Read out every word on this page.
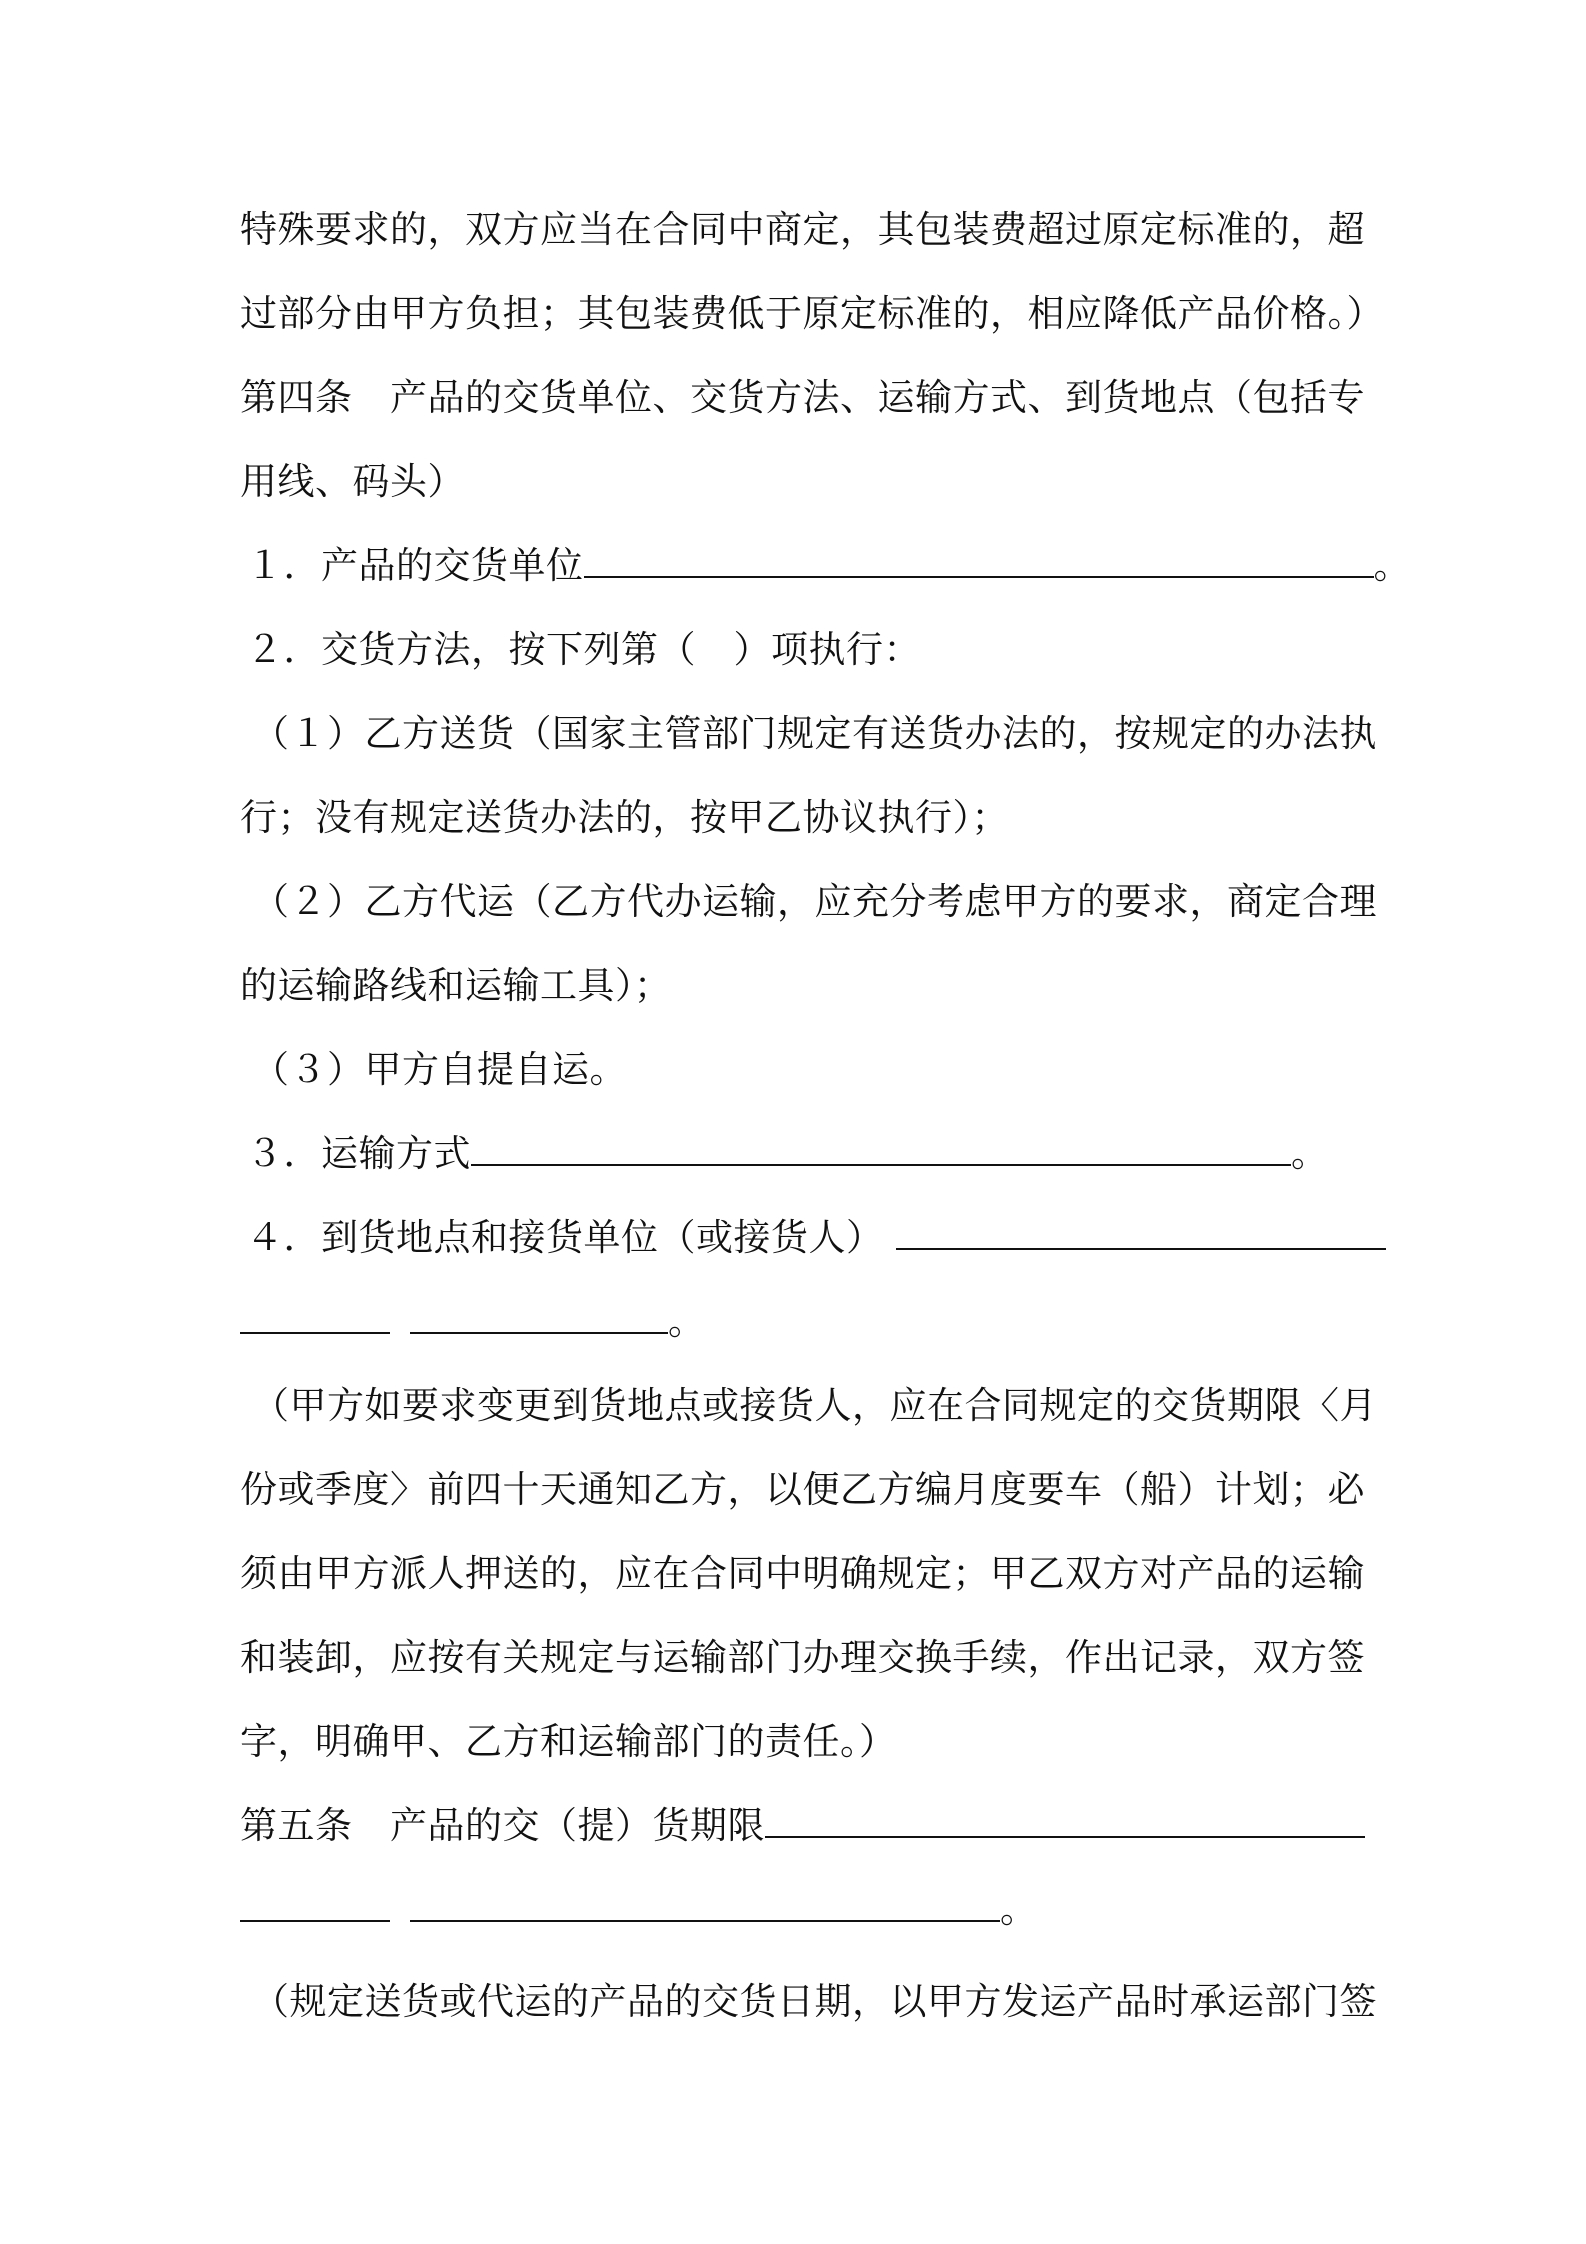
特殊要求的，双方应当在合同中商定，其包装费超过原定标准的，超
过部分由甲方负担；其包装费低于原定标准的，相应降低产品价格。）
第四条　产品的交货单位、交货方法、运输方式、到货地点（包括专
用线、码头）
１．产品的交货单位	。
２．交货方法，按下列第（　）项执行：
（１）乙方送货（国家主管部门规定有送货办法的，按规定的办法执
行；没有规定送货办法的，按甲乙协议执行）；
（２）乙方代运（乙方代办运输，应充分考虑甲方的要求，商定合理
的运输路线和运输工具）；
（３）甲方自提自运。
３．运输方式	。
４．到货地点和接货单位（或接货人）
。
（甲方如要求变更到货地点或接货人，应在合同规定的交货期限〈月
份或季度〉前四十天通知乙方，以便乙方编月度要车（船）计划；必
须由甲方派人押送的，应在合同中明确规定；甲乙双方对产品的运输
和装卸，应按有关规定与运输部门办理交换手续，作出记录，双方签
字，明确甲、乙方和运输部门的责任。）
第五条　产品的交（提）货期限
。
（规定送货或代运的产品的交货日期，以甲方发运产品时承运部门签
